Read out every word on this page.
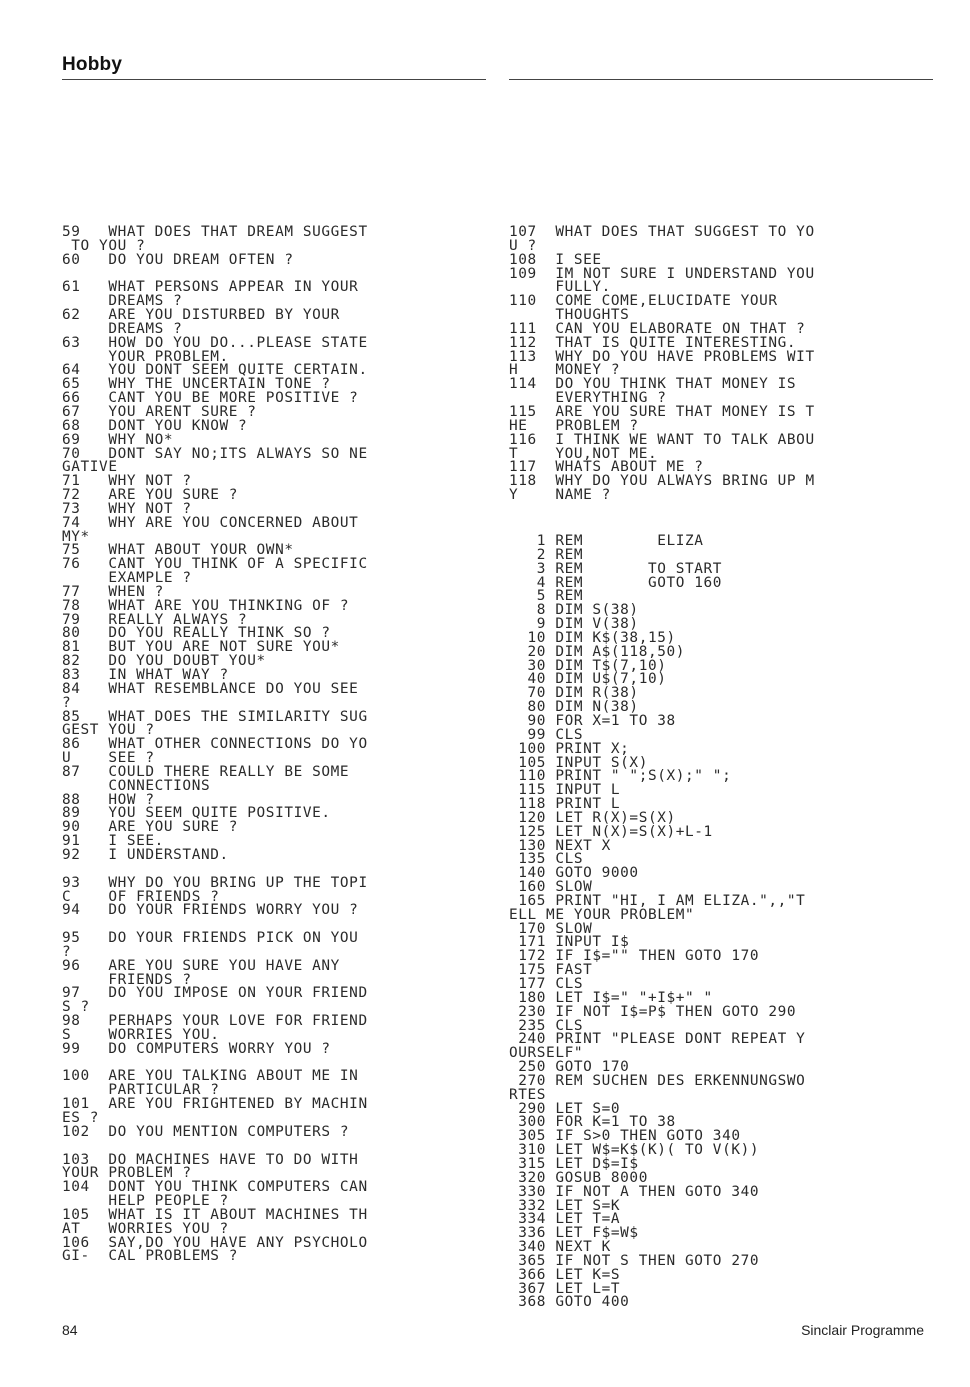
Hobby
59   WHAT DOES THAT DREAM SUGGEST
TO YOU ?
60   DO YOU DREAM OFTEN ?

61   WHAT PERSONS APPEAR IN YOUR
DREAMS ?
62   ARE YOU DISTURBED BY YOUR
DREAMS ?
63   HOW DO YOU DO...PLEASE STATE
YOUR PROBLEM.
64   YOU DONT SEEM QUITE CERTAIN.
65   WHY THE UNCERTAIN TONE ?
66   CANT YOU BE MORE POSITIVE ?
67   YOU ARENT SURE ?
68   DONT YOU KNOW ?
69   WHY NO*
70   DONT SAY NO;ITS ALWAYS SO NE
GATIVE
71   WHY NOT ?
72   ARE YOU SURE ?
73   WHY NOT ?
74   WHY ARE YOU CONCERNED ABOUT
MY*
75   WHAT ABOUT YOUR OWN*
76   CANT YOU THINK OF A SPECIFIC
EXAMPLE ?
77   WHEN ?
78   WHAT ARE YOU THINKING OF ?
79   REALLY ALWAYS ?
80   DO YOU REALLY THINK SO ?
81   BUT YOU ARE NOT SURE YOU*
82   DO YOU DOUBT YOU*
83   IN WHAT WAY ?
84   WHAT RESEMBLANCE DO YOU SEE
?
85   WHAT DOES THE SIMILARITY SUG
GEST YOU ?
86   WHAT OTHER CONNECTIONS DO YO
U    SEE ?
87   COULD THERE REALLY BE SOME
CONNECTIONS
88   HOW ?
89   YOU SEEM QUITE POSITIVE.
90   ARE YOU SURE ?
91   I SEE.
92   I UNDERSTAND.

93   WHY DO YOU BRING UP THE TOPI
C    OF FRIENDS ?
94   DO YOUR FRIENDS WORRY YOU ?

95   DO YOUR FRIENDS PICK ON YOU
?
96   ARE YOU SURE YOU HAVE ANY
FRIENDS ?
97   DO YOU IMPOSE ON YOUR FRIEND
S ?
98   PERHAPS YOUR LOVE FOR FRIEND
S    WORRIES YOU.
99   DO COMPUTERS WORRY YOU ?

100  ARE YOU TALKING ABOUT ME IN
PARTICULAR ?
101  ARE YOU FRIGHTENED BY MACHIN
ES ?
102  DO YOU MENTION COMPUTERS ?

103  DO MACHINES HAVE TO DO WITH
YOUR PROBLEM ?
104  DONT YOU THINK COMPUTERS CAN
HELP PEOPLE ?
105  WHAT IS IT ABOUT MACHINES TH
AT   WORRIES YOU ?
106  SAY,DO YOU HAVE ANY PSYCHOLO
GI-  CAL PROBLEMS ?
107  WHAT DOES THAT SUGGEST TO YO
U ?
108  I SEE
109  IM NOT SURE I UNDERSTAND YOU
FULLY.
110  COME COME,ELUCIDATE YOUR
THOUGHTS
111  CAN YOU ELABORATE ON THAT ?
112  THAT IS QUITE INTERESTING.
113  WHY DO YOU HAVE PROBLEMS WIT
H    MONEY ?
114  DO YOU THINK THAT MONEY IS
EVERYTHING ?
115  ARE YOU SURE THAT MONEY IS T
HE   PROBLEM ?
116  I THINK WE WANT TO TALK ABOU
T    YOU,NOT ME.
117  WHATS ABOUT ME ?
118  WHY DO YOU ALWAYS BRING UP M
Y    NAME ?
1 REM        ELIZA
2 REM
3 REM       TO START
4 REM       GOTO 160
5 REM
8 DIM S(38)
9 DIM V(38)
10 DIM K$(38,15)
20 DIM A$(118,50)
30 DIM T$(7,10)
40 DIM U$(7,10)
70 DIM R(38)
80 DIM N(38)
90 FOR X=1 TO 38
99 CLS
100 PRINT X;
105 INPUT S(X)
110 PRINT " ";S(X);" ";
115 INPUT L
118 PRINT L
120 LET R(X)=S(X)
125 LET N(X)=S(X)+L-1
130 NEXT X
135 CLS
140 GOTO 9000
160 SLOW
165 PRINT "HI, I AM ELIZA.",,"T
ELL ME YOUR PROBLEM"
170 SLOW
171 INPUT I$
172 IF I$="" THEN GOTO 170
175 FAST
177 CLS
180 LET I$=" "+I$+" "
230 IF NOT I$=P$ THEN GOTO 290
235 CLS
240 PRINT "PLEASE DONT REPEAT Y
OURSELF"
250 GOTO 170
270 REM SUCHEN DES ERKENNUNGSWO
RTES
290 LET S=0
300 FOR K=1 TO 38
305 IF S>0 THEN GOTO 340
310 LET W$=K$(K)( TO V(K))
315 LET D$=I$
320 GOSUB 8000
330 IF NOT A THEN GOTO 340
332 LET S=K
334 LET T=A
336 LET F$=W$
340 NEXT K
365 IF NOT S THEN GOTO 270
366 LET K=S
367 LET L=T
368 GOTO 400
84	Sinclair Programme
